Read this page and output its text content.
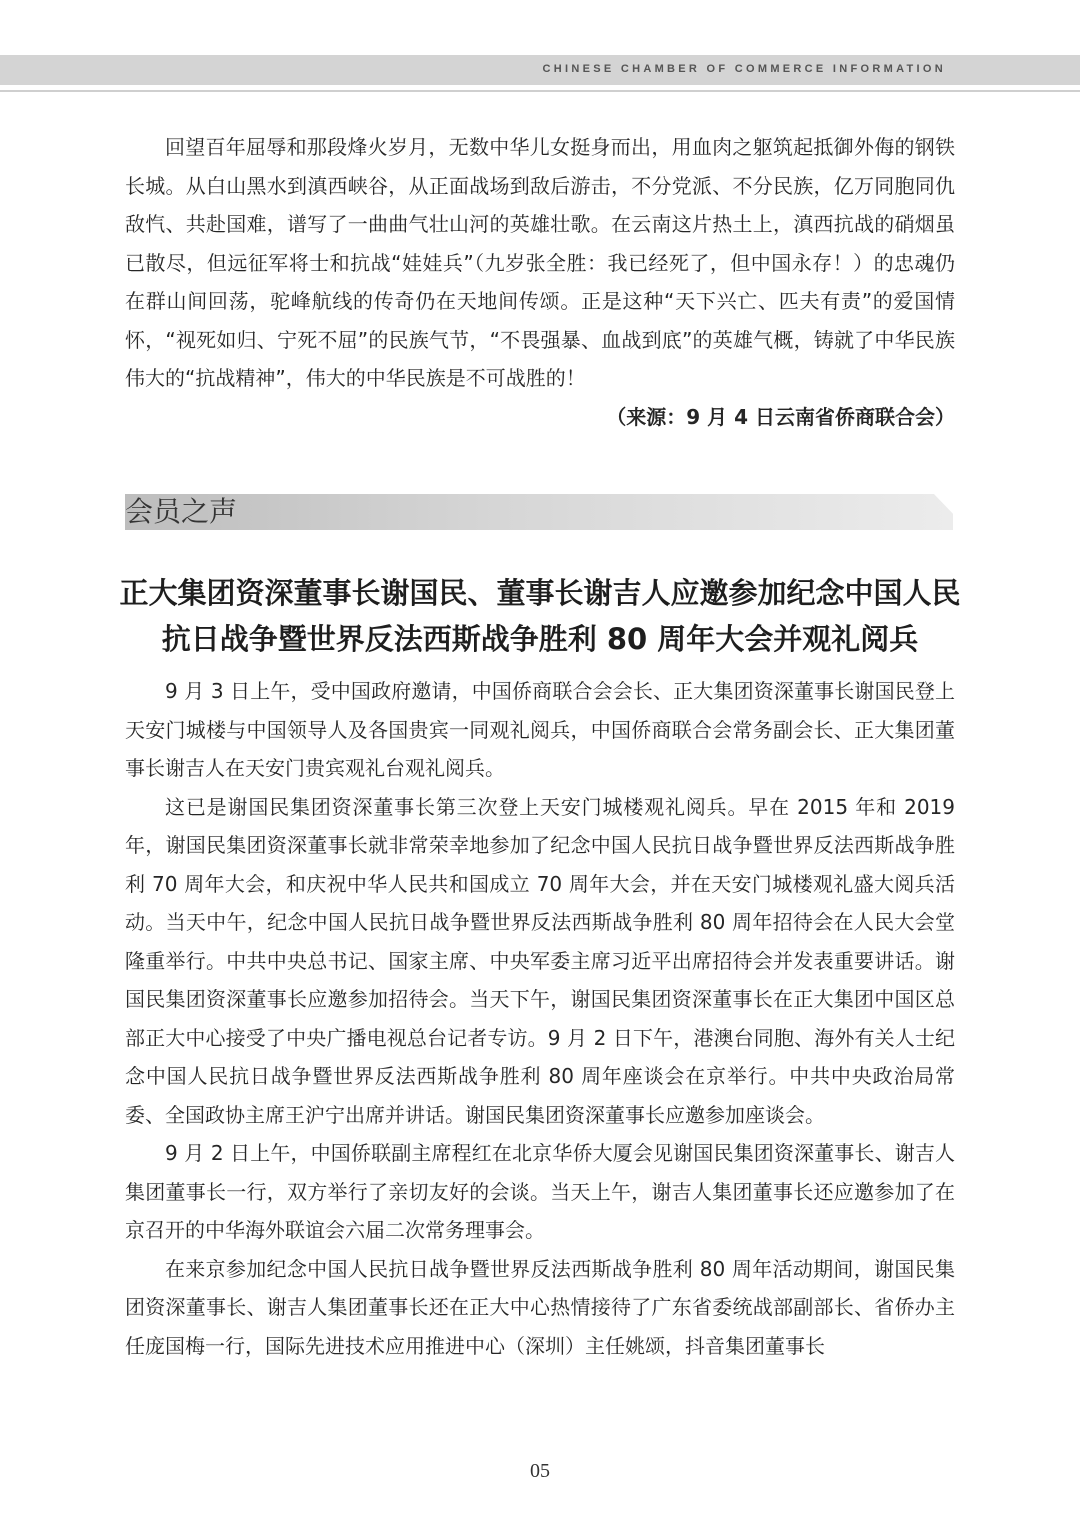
CHINESE CHAMBER OF COMMERCE INFORMATION

回望百年屈辱和那段烽火岁月，无数中华儿女挺身而出，用血肉之躯筑起抵御外侮的钢铁长城。从白山黑水到滇西峡谷，从正面战场到敌后游击，不分党派、不分民族，亿万同胞同仇敌忾、共赴国难，谱写了一曲曲气壮山河的英雄壮歌。在云南这片热土上，滇西抗战的硝烟虽已散尽，但远征军将士和抗战“娃娃兵”（九岁张全胜：我已经死了，但中国永存！）的忠魂仍在群山间回荡，驼峰航线的传奇仍在天地间传颂。正是这种“天下兴亡、匹夫有责”的爱国情怀，“视死如归、宁死不屈”的民族气节，“不畏强暴、血战到底”的英雄气概，铸就了中华民族伟大的“抗战精神”，伟大的中华民族是不可战胜的！

（来源：9 月 4 日云南省侨商联合会）

会员之声
正大集团资深董事长谢国民、董事长谢吉人应邀参加纪念中国人民
抗日战争暨世界反法西斯战争胜利 80 周年大会并观礼阅兵

9 月 3 日上午，受中国政府邀请，中国侨商联合会会长、正大集团资深董事长谢国民登上天安门城楼与中国领导人及各国贵宾一同观礼阅兵，中国侨商联合会常务副会长、正大集团董事长谢吉人在天安门贵宾观礼台观礼阅兵。

这已是谢国民集团资深董事长第三次登上天安门城楼观礼阅兵。早在 2015 年和 2019 年，谢国民集团资深董事长就非常荣幸地参加了纪念中国人民抗日战争暨世界反法西斯战争胜利 70 周年大会，和庆祝中华人民共和国成立 70 周年大会，并在天安门城楼观礼盛大阅兵活动。当天中午，纪念中国人民抗日战争暨世界反法西斯战争胜利 80 周年招待会在人民大会堂隆重举行。中共中央总书记、国家主席、中央军委主席习近平出席招待会并发表重要讲话。谢国民集团资深董事长应邀参加招待会。当天下午，谢国民集团资深董事长在正大集团中国区总部正大中心接受了中央广播电视总台记者专访。9 月 2 日下午，港澳台同胞、海外有关人士纪念中国人民抗日战争暨世界反法西斯战争胜利 80 周年座谈会在京举行。中共中央政治局常委、全国政协主席王沪宁出席并讲话。谢国民集团资深董事长应邀参加座谈会。

9 月 2 日上午，中国侨联副主席程红在北京华侨大厦会见谢国民集团资深董事长、谢吉人集团董事长一行，双方举行了亲切友好的会谈。当天上午，谢吉人集团董事长还应邀参加了在京召开的中华海外联谊会六届二次常务理事会。

在来京参加纪念中国人民抗日战争暨世界反法西斯战争胜利 80 周年活动期间，谢国民集团资深董事长、谢吉人集团董事长还在正大中心热情接待了广东省委统战部副部长、省侨办主任庞国梅一行，国际先进技术应用推进中心（深圳）主任姚颂，抖音集团董事长

05
